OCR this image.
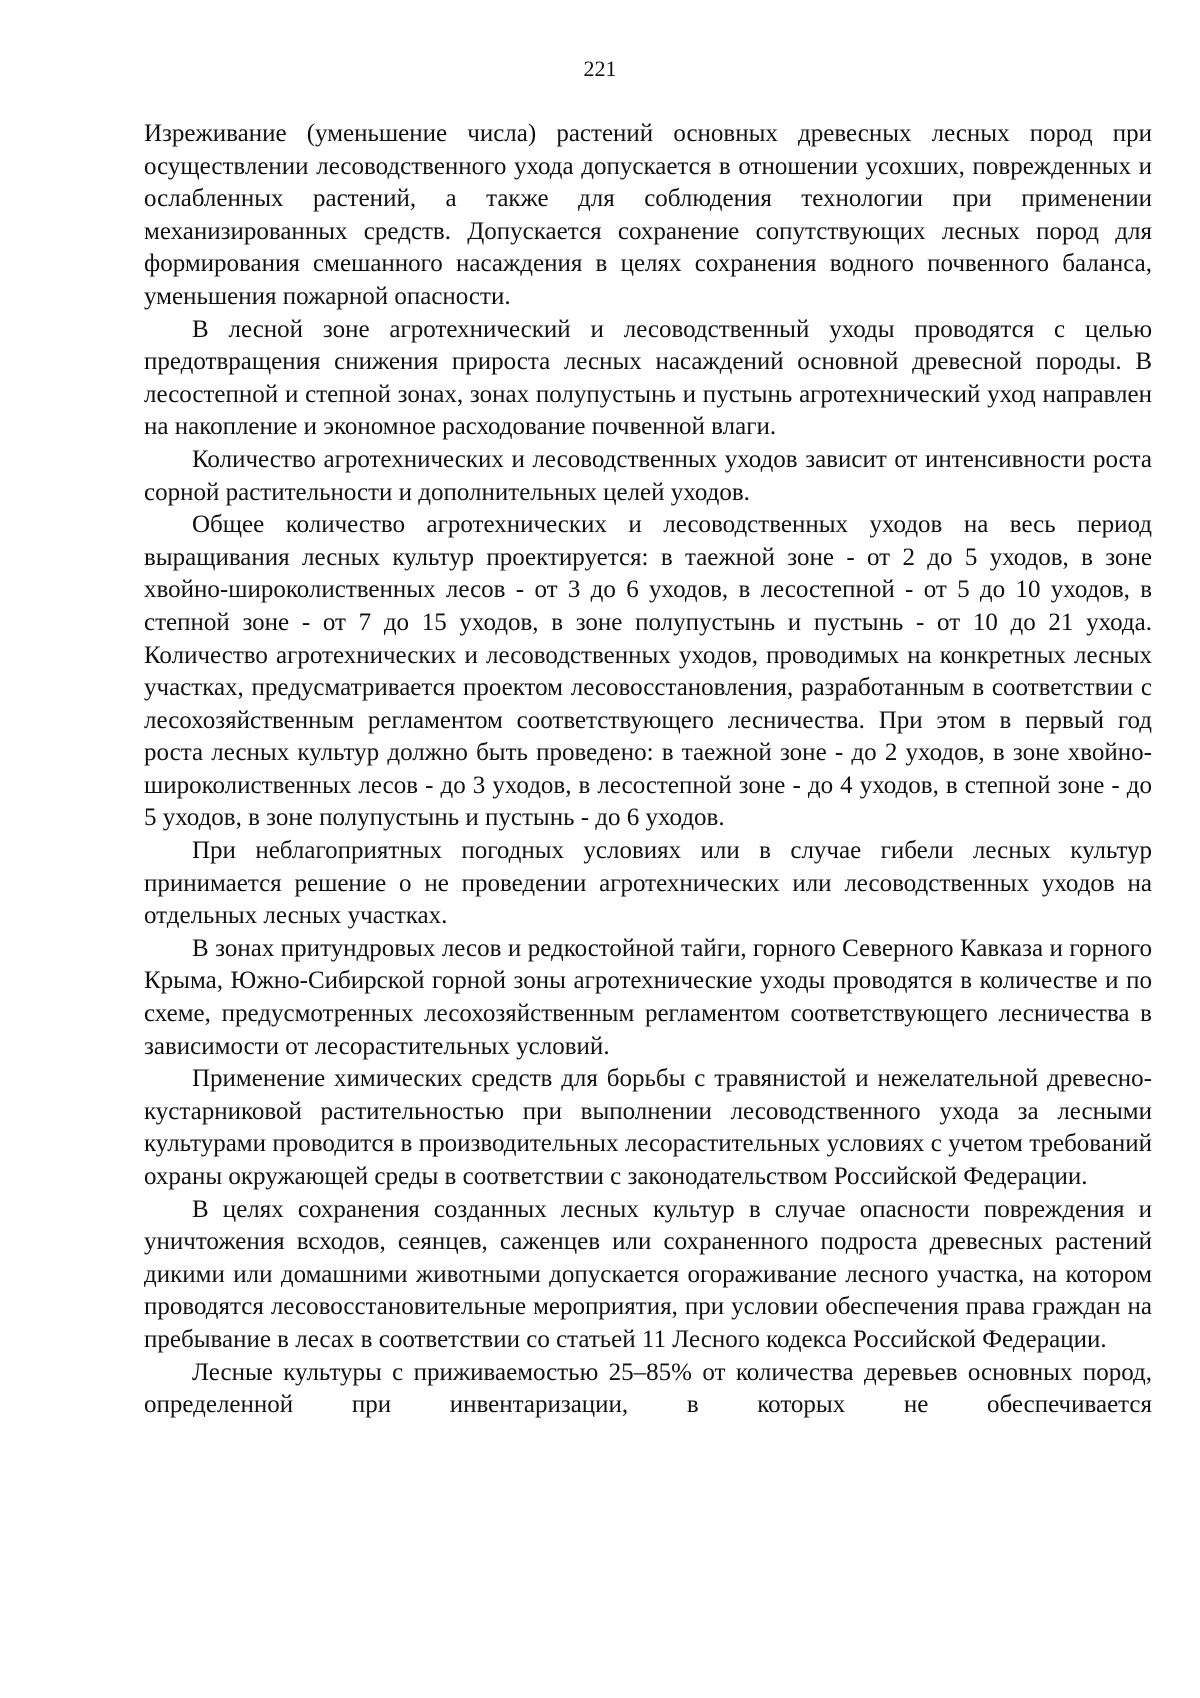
221

Изреживание (уменьшение числа) растений основных древесных лесных пород при осуществлении лесоводственного ухода допускается в отношении усохших, поврежденных и ослабленных растений, а также для соблюдения технологии при применении механизированных средств. Допускается сохранение сопутствующих лесных пород для формирования смешанного насаждения в целях сохранения водного почвенного баланса, уменьшения пожарной опасности.

В лесной зоне агротехнический и лесоводственный уходы проводятся с целью предотвращения снижения прироста лесных насаждений основной древесной породы. В лесостепной и степной зонах, зонах полупустынь и пустынь агротехнический уход направлен на накопление и экономное расходование почвенной влаги.

Количество агротехнических и лесоводственных уходов зависит от интенсивности роста сорной растительности и дополнительных целей уходов.

Общее количество агротехнических и лесоводственных уходов на весь период выращивания лесных культур проектируется: в таежной зоне - от 2 до 5 уходов, в зоне хвойно-широколиственных лесов - от 3 до 6 уходов, в лесостепной - от 5 до 10 уходов, в степной зоне - от 7 до 15 уходов, в зоне полупустынь и пустынь - от 10 до 21 ухода. Количество агротехнических и лесоводственных уходов, проводимых на конкретных лесных участках, предусматривается проектом лесовосстановления, разработанным в соответствии с лесохозяйственным регламентом соответствующего лесничества. При этом в первый год роста лесных культур должно быть проведено: в таежной зоне - до 2 уходов, в зоне хвойно-широколиственных лесов - до 3 уходов, в лесостепной зоне - до 4 уходов, в степной зоне - до 5 уходов, в зоне полупустынь и пустынь - до 6 уходов.

При неблагоприятных погодных условиях или в случае гибели лесных культур принимается решение о не проведении агротехнических или лесоводственных уходов на отдельных лесных участках.

В зонах притундровых лесов и редкостойной тайги, горного Северного Кавказа и горного Крыма, Южно-Сибирской горной зоны агротехнические уходы проводятся в количестве и по схеме, предусмотренных лесохозяйственным регламентом соответствующего лесничества в зависимости от лесорастительных условий.

Применение химических средств для борьбы с травянистой и нежелательной древесно-кустарниковой растительностью при выполнении лесоводственного ухода за лесными культурами проводится в производительных лесорастительных условиях с учетом требований охраны окружающей среды в соответствии с законодательством Российской Федерации.

В целях сохранения созданных лесных культур в случае опасности повреждения и уничтожения всходов, сеянцев, саженцев или сохраненного подроста древесных растений дикими или домашними животными допускается огораживание лесного участка, на котором проводятся лесовосстановительные мероприятия, при условии обеспечения права граждан на пребывание в лесах в соответствии со статьей 11 Лесного кодекса Российской Федерации.

Лесные культуры с приживаемостью 25–85% от количества деревьев основных пород, определенной при инвентаризации, в которых не обеспечивается
